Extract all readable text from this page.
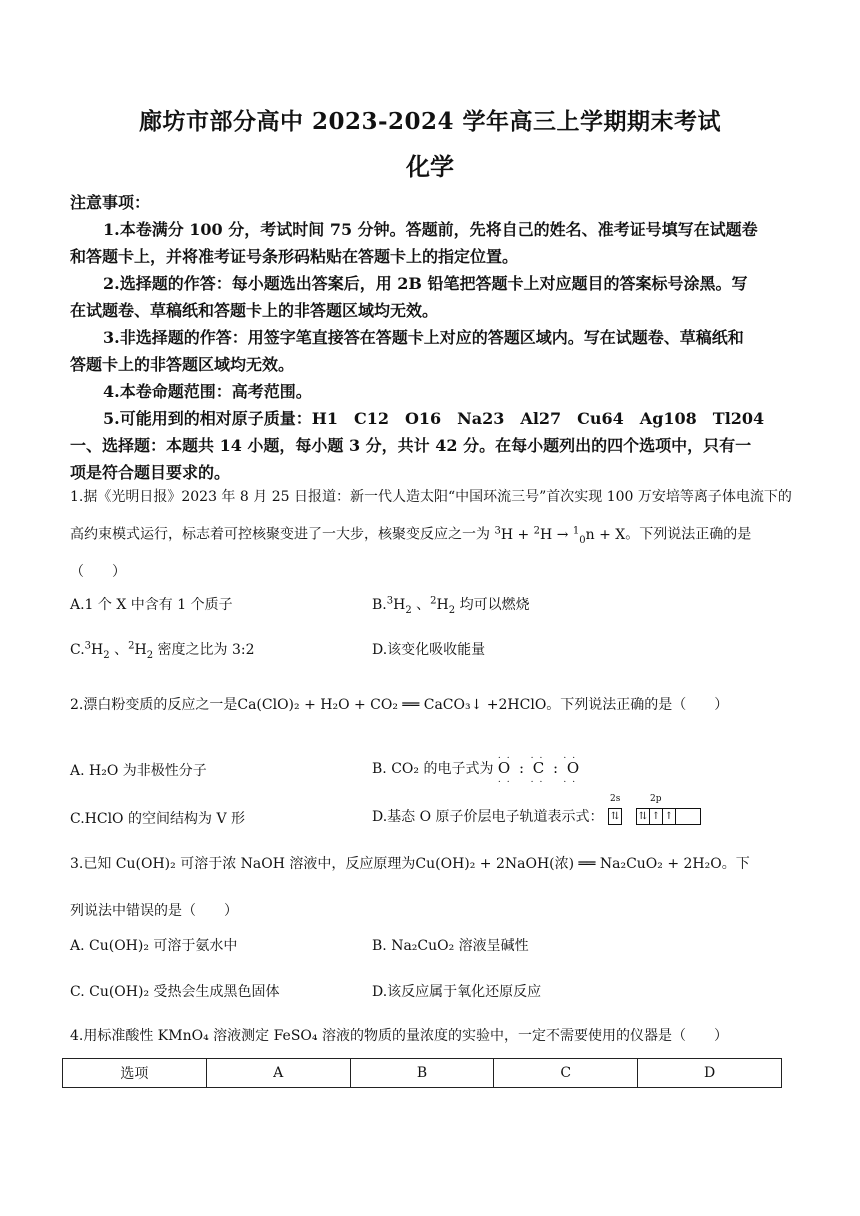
廊坊市部分高中 2023-2024 学年高三上学期期末考试
化学
注意事项：
1.本卷满分 100 分，考试时间 75 分钟。答题前，先将自己的姓名、准考证号填写在试题卷
和答题卡上，并将准考证号条形码粘贴在答题卡上的指定位置。
2.选择题的作答：每小题选出答案后，用 2B 铅笔把答题卡上对应题目的答案标号涂黑。写
在试题卷、草稿纸和答题卡上的非答题区域均无效。
3.非选择题的作答：用签字笔直接答在答题卡上对应的答题区域内。写在试题卷、草稿纸和
答题卡上的非答题区域均无效。
4.本卷命题范围：高考范围。
5.可能用到的相对原子质量：H1　C12　O16　Na23　Al27　Cu64　Ag108　Tl204
一、选择题：本题共 14 小题，每小题 3 分，共计 42 分。在每小题列出的四个选项中，只有一
项是符合题目要求的。
1.据《光明日报》2023 年 8 月 25 日报道：新一代人造太阳“中国环流三号”首次实现 100 万安培等离子体电流下的高约束模式运行，标志着可控核聚变进了一大步，核聚变反应之一为 $^3$H + $^2$H → $^1_0$n + X。下列说法正确的是（　　）
A.1 个 X 中含有 1 个质子	$B.^3H_2$ 、$^2H_2$ 均可以燃烧
$C.^3H_2$ 、$^2H_2$ 密度之比为 3:2	D.该变化吸收能量
2.漂白粉变质的反应之一是Ca(ClO)₂ + H₂O + CO₂ ══ CaCO₃↓ +2HClO。下列说法正确的是（　　）
A. H₂O 为非极性分子	B. CO₂ 的电子式为
..　..　..
O : C : O
..　..　..
C.HClO 的空间结构为 V 形	D.基态 O 原子价层电子轨道表示式：
2s
⇅
2p
⇅ ↑ ↑
3.已知 Cu(OH)₂ 可溶于浓 NaOH 溶液中，反应原理为Cu(OH)₂ + 2NaOH(浓) ══ Na₂CuO₂ + 2H₂O。下
列说法中错误的是（　　）
A. Cu(OH)₂ 可溶于氨水中	B. Na₂CuO₂ 溶液呈碱性
C. Cu(OH)₂ 受热会生成黑色固体	D.该反应属于氧化还原反应
4.用标准酸性 KMnO₄ 溶液测定 FeSO₄ 溶液的物质的量浓度的实验中，一定不需要使用的仪器是（　　）
选项	A	B	C	D
